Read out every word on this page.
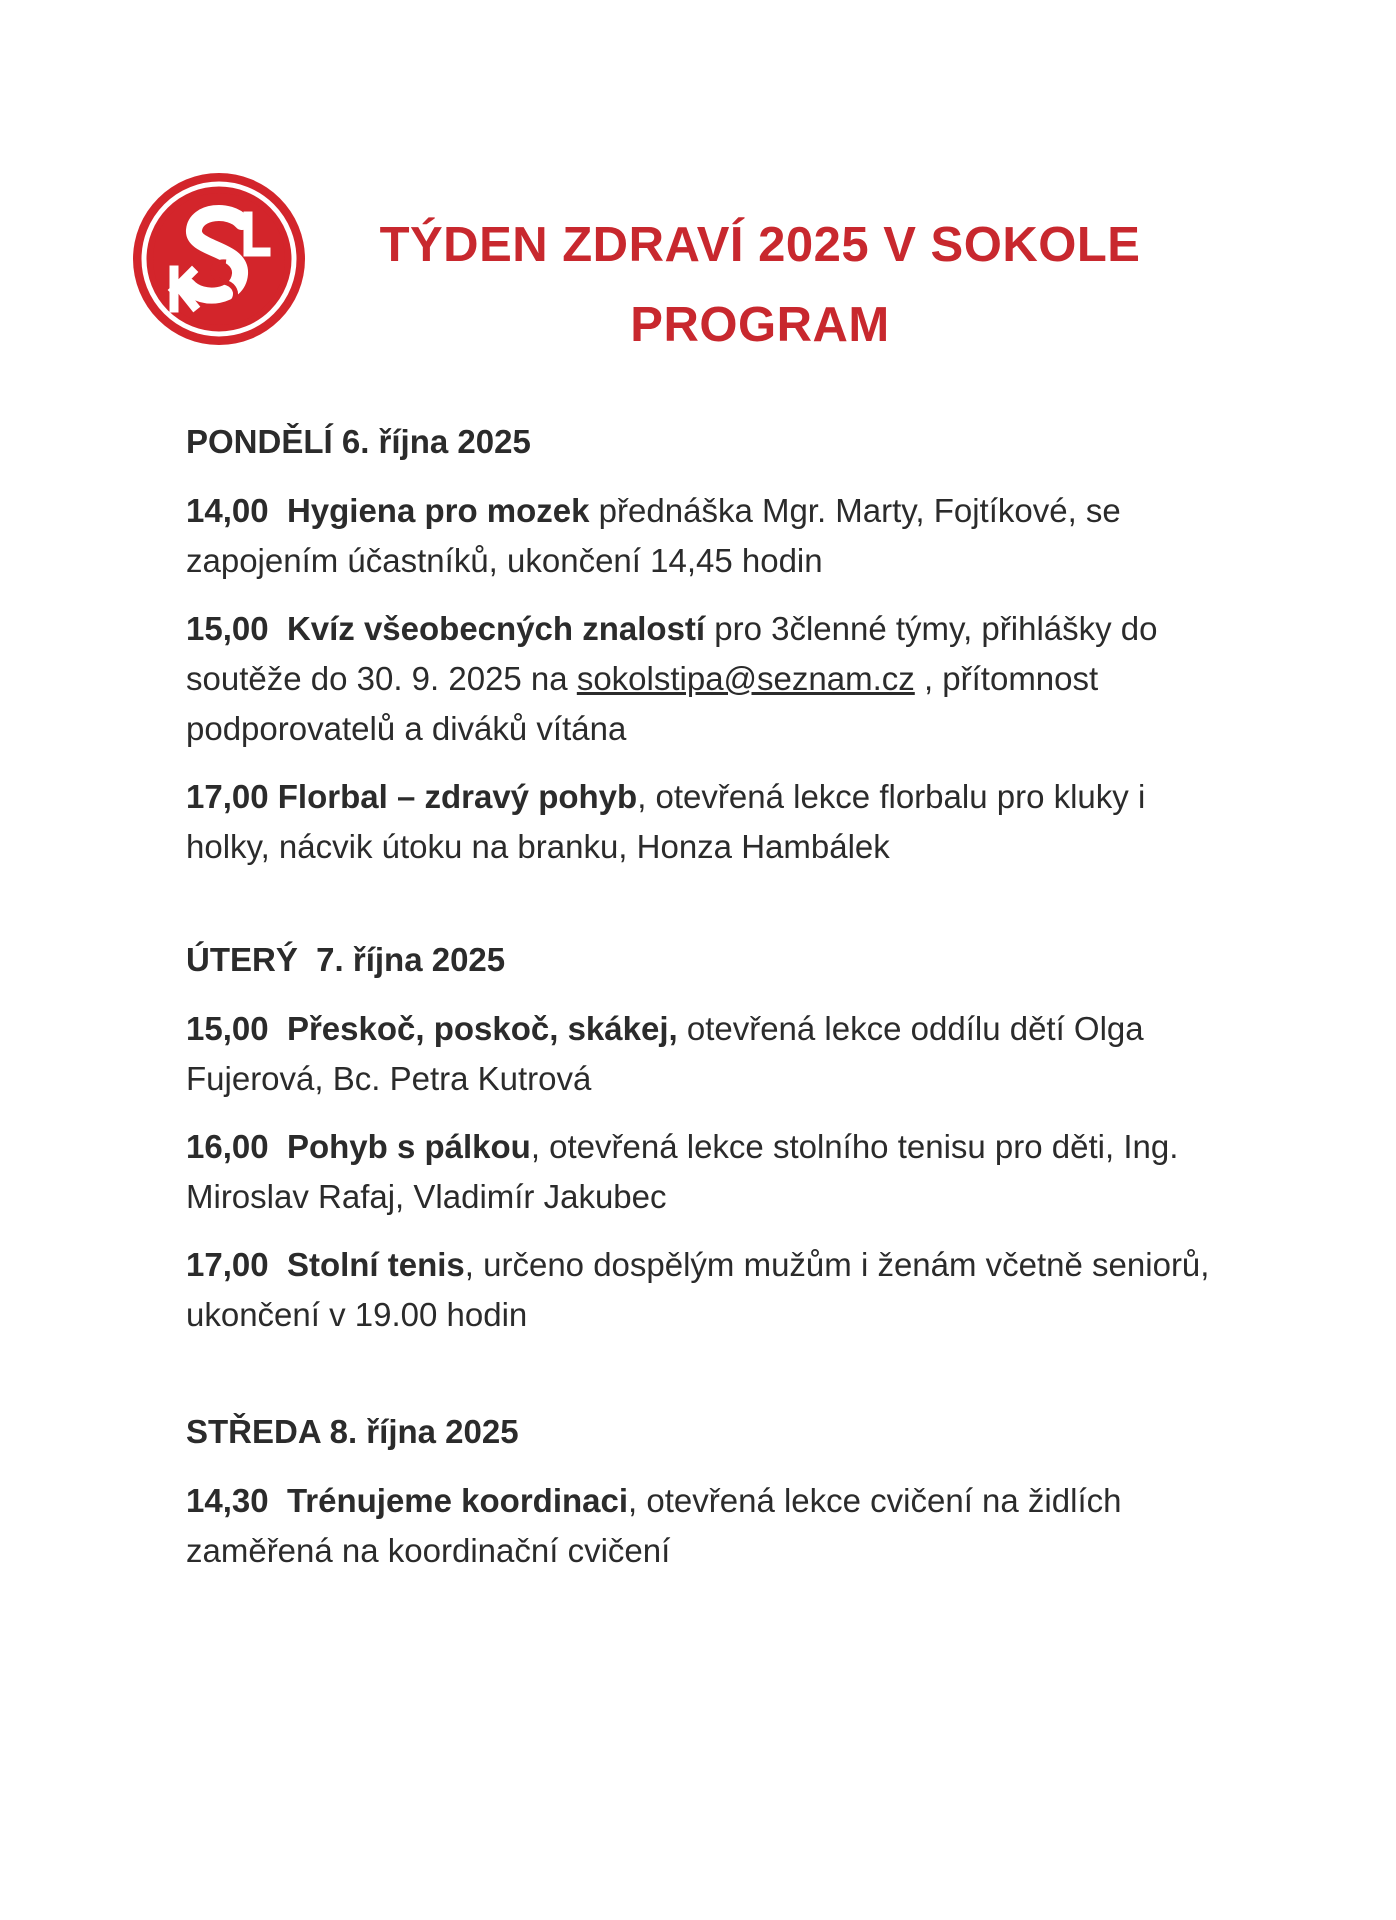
TÝDEN ZDRAVÍ 2025 V SOKOLE
PROGRAM
PONDĚLÍ 6. října 2025

14,00 Hygiena pro mozek přednáška Mgr. Marty, Fojtíkové, se zapojením účastníků, ukončení 14,45 hodin

15,00 Kvíz všeobecných znalostí pro 3členné týmy, přihlášky do soutěže do 30. 9. 2025 na sokolstipa@seznam.cz , přítomnost podporovatelů a diváků vítána

17,00 Florbal – zdravý pohyb, otevřená lekce florbalu pro kluky i holky, nácvik útoku na branku, Honza Hambálek

ÚTERÝ  7. října 2025

15,00 Přeskoč, poskoč, skákej, otevřená lekce oddílu dětí Olga Fujerová, Bc. Petra Kutrová

16,00 Pohyb s pálkou, otevřená lekce stolního tenisu pro děti, Ing. Miroslav Rafaj, Vladimír Jakubec

17,00 Stolní tenis, určeno dospělým mužům i ženám včetně seniorů, ukončení v 19.00 hodin

STŘEDA 8. října 2025

14,30 Trénujeme koordinaci, otevřená lekce cvičení na židlích zaměřená na koordinační cvičení
